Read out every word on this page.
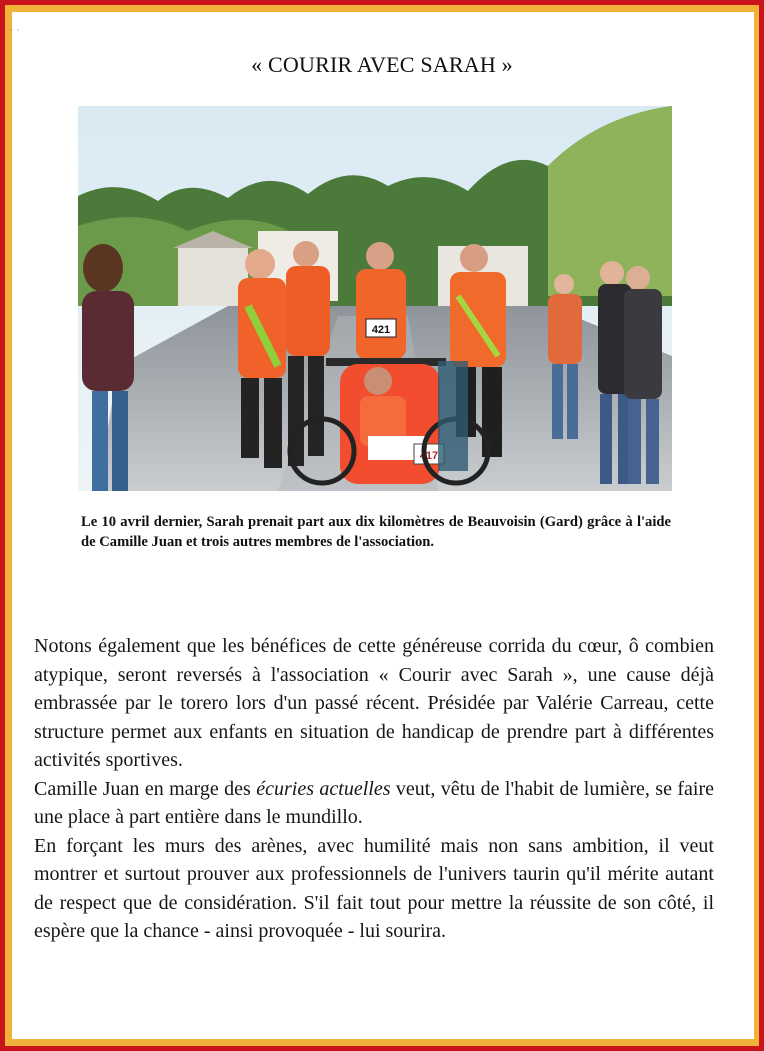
·  ·
« COURIR AVEC SARAH »
421
417
Le 10 avril dernier, Sarah prenait part aux dix kilomètres de Beauvoisin (Gard) grâce à l'aide de Camille Juan et trois autres membres de l'association.

Notons également que les bénéfices de cette généreuse corrida du cœur, ô combien atypique, seront reversés à l'association « Courir avec Sarah », une cause déjà embrassée par le torero lors d'un passé récent. Présidée par Valérie Carreau, cette structure permet aux enfants en situation de handicap de prendre part à différentes activités sportives.

Camille Juan en marge des écuries actuelles veut, vêtu de l'habit de lumière, se faire une place à part entière dans le mundillo.

En forçant les murs des arènes, avec humilité mais non sans ambition, il veut montrer et surtout prouver aux professionnels de l'univers taurin qu'il mérite autant de respect que de considération. S'il fait tout pour mettre la réussite de son côté, il espère que la chance - ainsi provoquée - lui sourira.
